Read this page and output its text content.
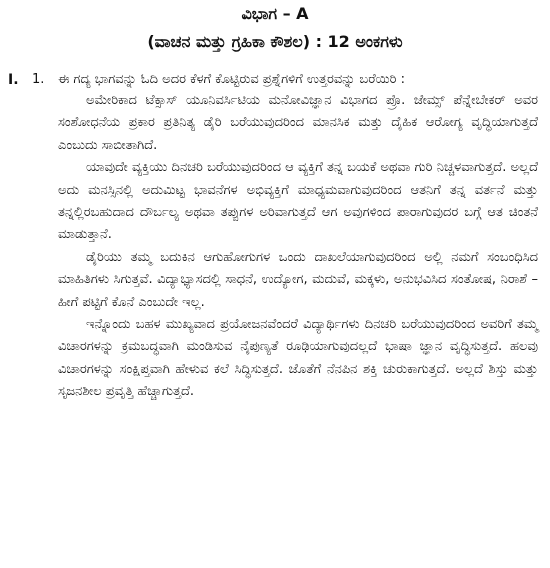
ವಿಭಾಗ – A
(ವಾಚನ ಮತ್ತು ಗ್ರಹಿಕಾ ಕೌಶಲ) : 12 ಅಂಕಗಳು
I. 1. ಈ ಗದ್ಯ ಭಾಗವನ್ನು ಓದಿ ಅದರ ಕೆಳಗೆ ಕೊಟ್ಟಿರುವ ಪ್ರಶ್ನೆಗಳಿಗೆ ಉತ್ತರವನ್ನು ಬರೆಯಿರಿ :

ಅಮೇರಿಕಾದ ಟೆಕ್ಸಾಸ್ ಯೂನಿವರ್ಸಿಟಿಯ ಮನೋವಿಜ್ಞಾನ ವಿಭಾಗದ ಪ್ರೊ. ಜೇಮ್ಸ್ ಪೆನ್ನೇಬೇಕರ್ ಅವರ ಸಂಶೋಧನೆಯ ಪ್ರಕಾರ ಪ್ರತಿನಿತ್ಯ ಡೈರಿ ಬರೆಯುವುದರಿಂದ ಮಾನಸಿಕ ಮತ್ತು ದೈಹಿಕ ಆರೋಗ್ಯ ವೃದ್ಧಿಯಾಗುತ್ತದೆ ಎಂಬುದು ಸಾಬೀತಾಗಿದೆ.

ಯಾವುದೇ ವ್ಯಕ್ತಿಯು ದಿನಚರಿ ಬರೆಯುವುದರಿಂದ ಆ ವ್ಯಕ್ತಿಗೆ ತನ್ನ ಬಯಕೆ ಅಥವಾ ಗುರಿ ನಿಚ್ಚಳವಾಗುತ್ತದೆ. ಅಲ್ಲದೆ ಅದು ಮನಸ್ಸಿನಲ್ಲಿ ಅದುಮಿಟ್ಟ ಭಾವನೆಗಳ ಅಭಿವ್ಯಕ್ತಿಗೆ ಮಾಧ್ಯಮವಾಗುವುದರಿಂದ ಆತನಿಗೆ ತನ್ನ ವರ್ತನೆ ಮತ್ತು ತನ್ನಲ್ಲಿರಬಹುದಾದ ದೌರ್ಬಲ್ಯ ಅಥವಾ ತಪ್ಪುಗಳ ಅರಿವಾಗುತ್ತದೆ ಆಗ ಅವುಗಳಿಂದ ಪಾರಾಗುವುದರ ಬಗ್ಗೆ ಆತ ಚಿಂತನೆ ಮಾಡುತ್ತಾನೆ.

ಡೈರಿಯು ತಮ್ಮ ಬದುಕಿನ ಆಗುಹೋಗುಗಳ ಒಂದು ದಾಖಲೆಯಾಗುವುದರಿಂದ ಅಲ್ಲಿ ನಮಗೆ ಸಂಬಂಧಿಸಿದ ಮಾಹಿತಿಗಳು ಸಿಗುತ್ತವೆ. ವಿದ್ಯಾಭ್ಯಾಸದಲ್ಲಿ ಸಾಧನೆ, ಉದ್ಯೋಗ, ಮದುವೆ, ಮಕ್ಕಳು, ಅನುಭವಿಸಿದ ಸಂತೋಷ, ನಿರಾಶೆ – ಹೀಗೆ ಪಟ್ಟಿಗೆ ಕೊನೆ ಎಂಬುದೇ ಇಲ್ಲ.

ಇನ್ನೊಂದು ಬಹಳ ಮುಖ್ಯವಾದ ಪ್ರಯೋಜನವೆಂದರೆ ವಿದ್ಯಾರ್ಥಿಗಳು ದಿನಚರಿ ಬರೆಯುವುದರಿಂದ ಅವರಿಗೆ ತಮ್ಮ ವಿಚಾರಗಳನ್ನು ಕ್ರಮಬದ್ಧವಾಗಿ ಮಂಡಿಸುವ ನೈಪುಣ್ಯತೆ ರೂಢಿಯಾಗುವುದಲ್ಲದೆ ಭಾಷಾ ಜ್ಞಾನ ವೃದ್ಧಿಸುತ್ತದೆ. ಹಲವು ವಿಚಾರಗಳನ್ನು ಸಂಕ್ಷಿಪ್ತವಾಗಿ ಹೇಳುವ ಕಲೆ ಸಿದ್ಧಿಸುತ್ತದೆ. ಜೊತೆಗೆ ನೆನಪಿನ ಶಕ್ತಿ ಚುರುಕಾಗುತ್ತದೆ. ಅಲ್ಲದೆ ಶಿಸ್ತು ಮತ್ತು ಸೃಜನಶೀಲ ಪ್ರವೃತ್ತಿ ಹೆಚ್ಚಾಗುತ್ತದೆ.
